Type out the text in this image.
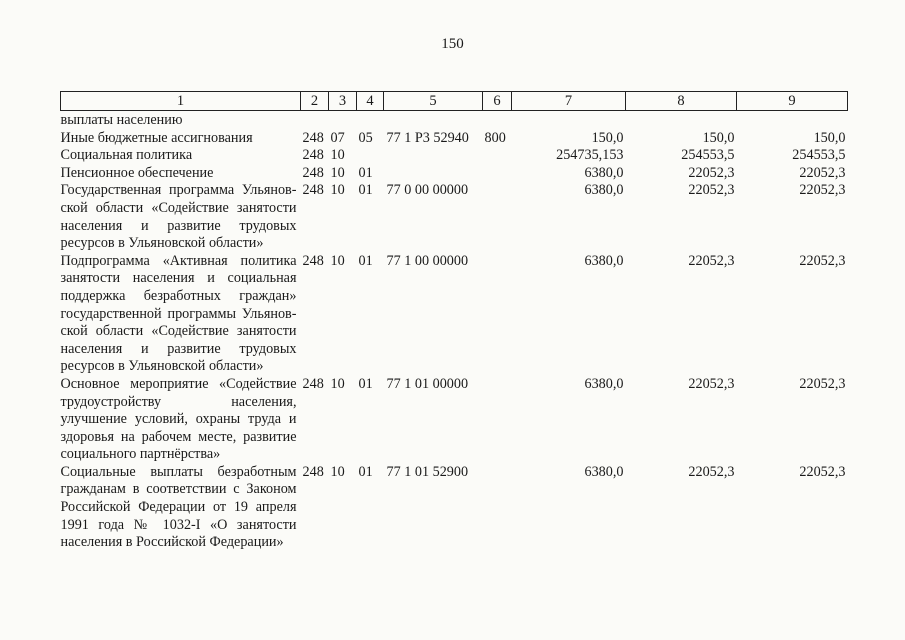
150
1	2	3	4	5	6	7	8	9
выплаты населению								
Иные бюджетные ассигнования	248	07	05	77 1 Р3 52940	800	150,0	150,0	150,0
Социальная политика	248	10				254735,153	254553,5	254553,5
Пенсионное обеспечение	248	10	01			6380,0	22052,3	22052,3
Государственная программа Ульяновской области «Содействие занятости населения и развитие трудовых ресурсов в Ульяновской области»	248	10	01	77 0 00 00000		6380,0	22052,3	22052,3
Подпрограмма «Активная политика занятости населения и социальная поддержка безработных граждан» государственной программы Ульяновской области «Содействие занятости населения и развитие трудовых ресурсов в Ульяновской области»	248	10	01	77 1 00 00000		6380,0	22052,3	22052,3
Основное мероприятие «Содействие трудоустройству населения, улучшение условий, охраны труда и здоровья на рабочем месте, развитие социального партнёрства»	248	10	01	77 1 01 00000		6380,0	22052,3	22052,3
Социальные выплаты безработным гражданам в соответствии с Законом Российской Федерации от 19 апреля 1991 года № 1032-I «О занятости населения в Российской Федерации»	248	10	01	77 1 01 52900		6380,0	22052,3	22052,3
